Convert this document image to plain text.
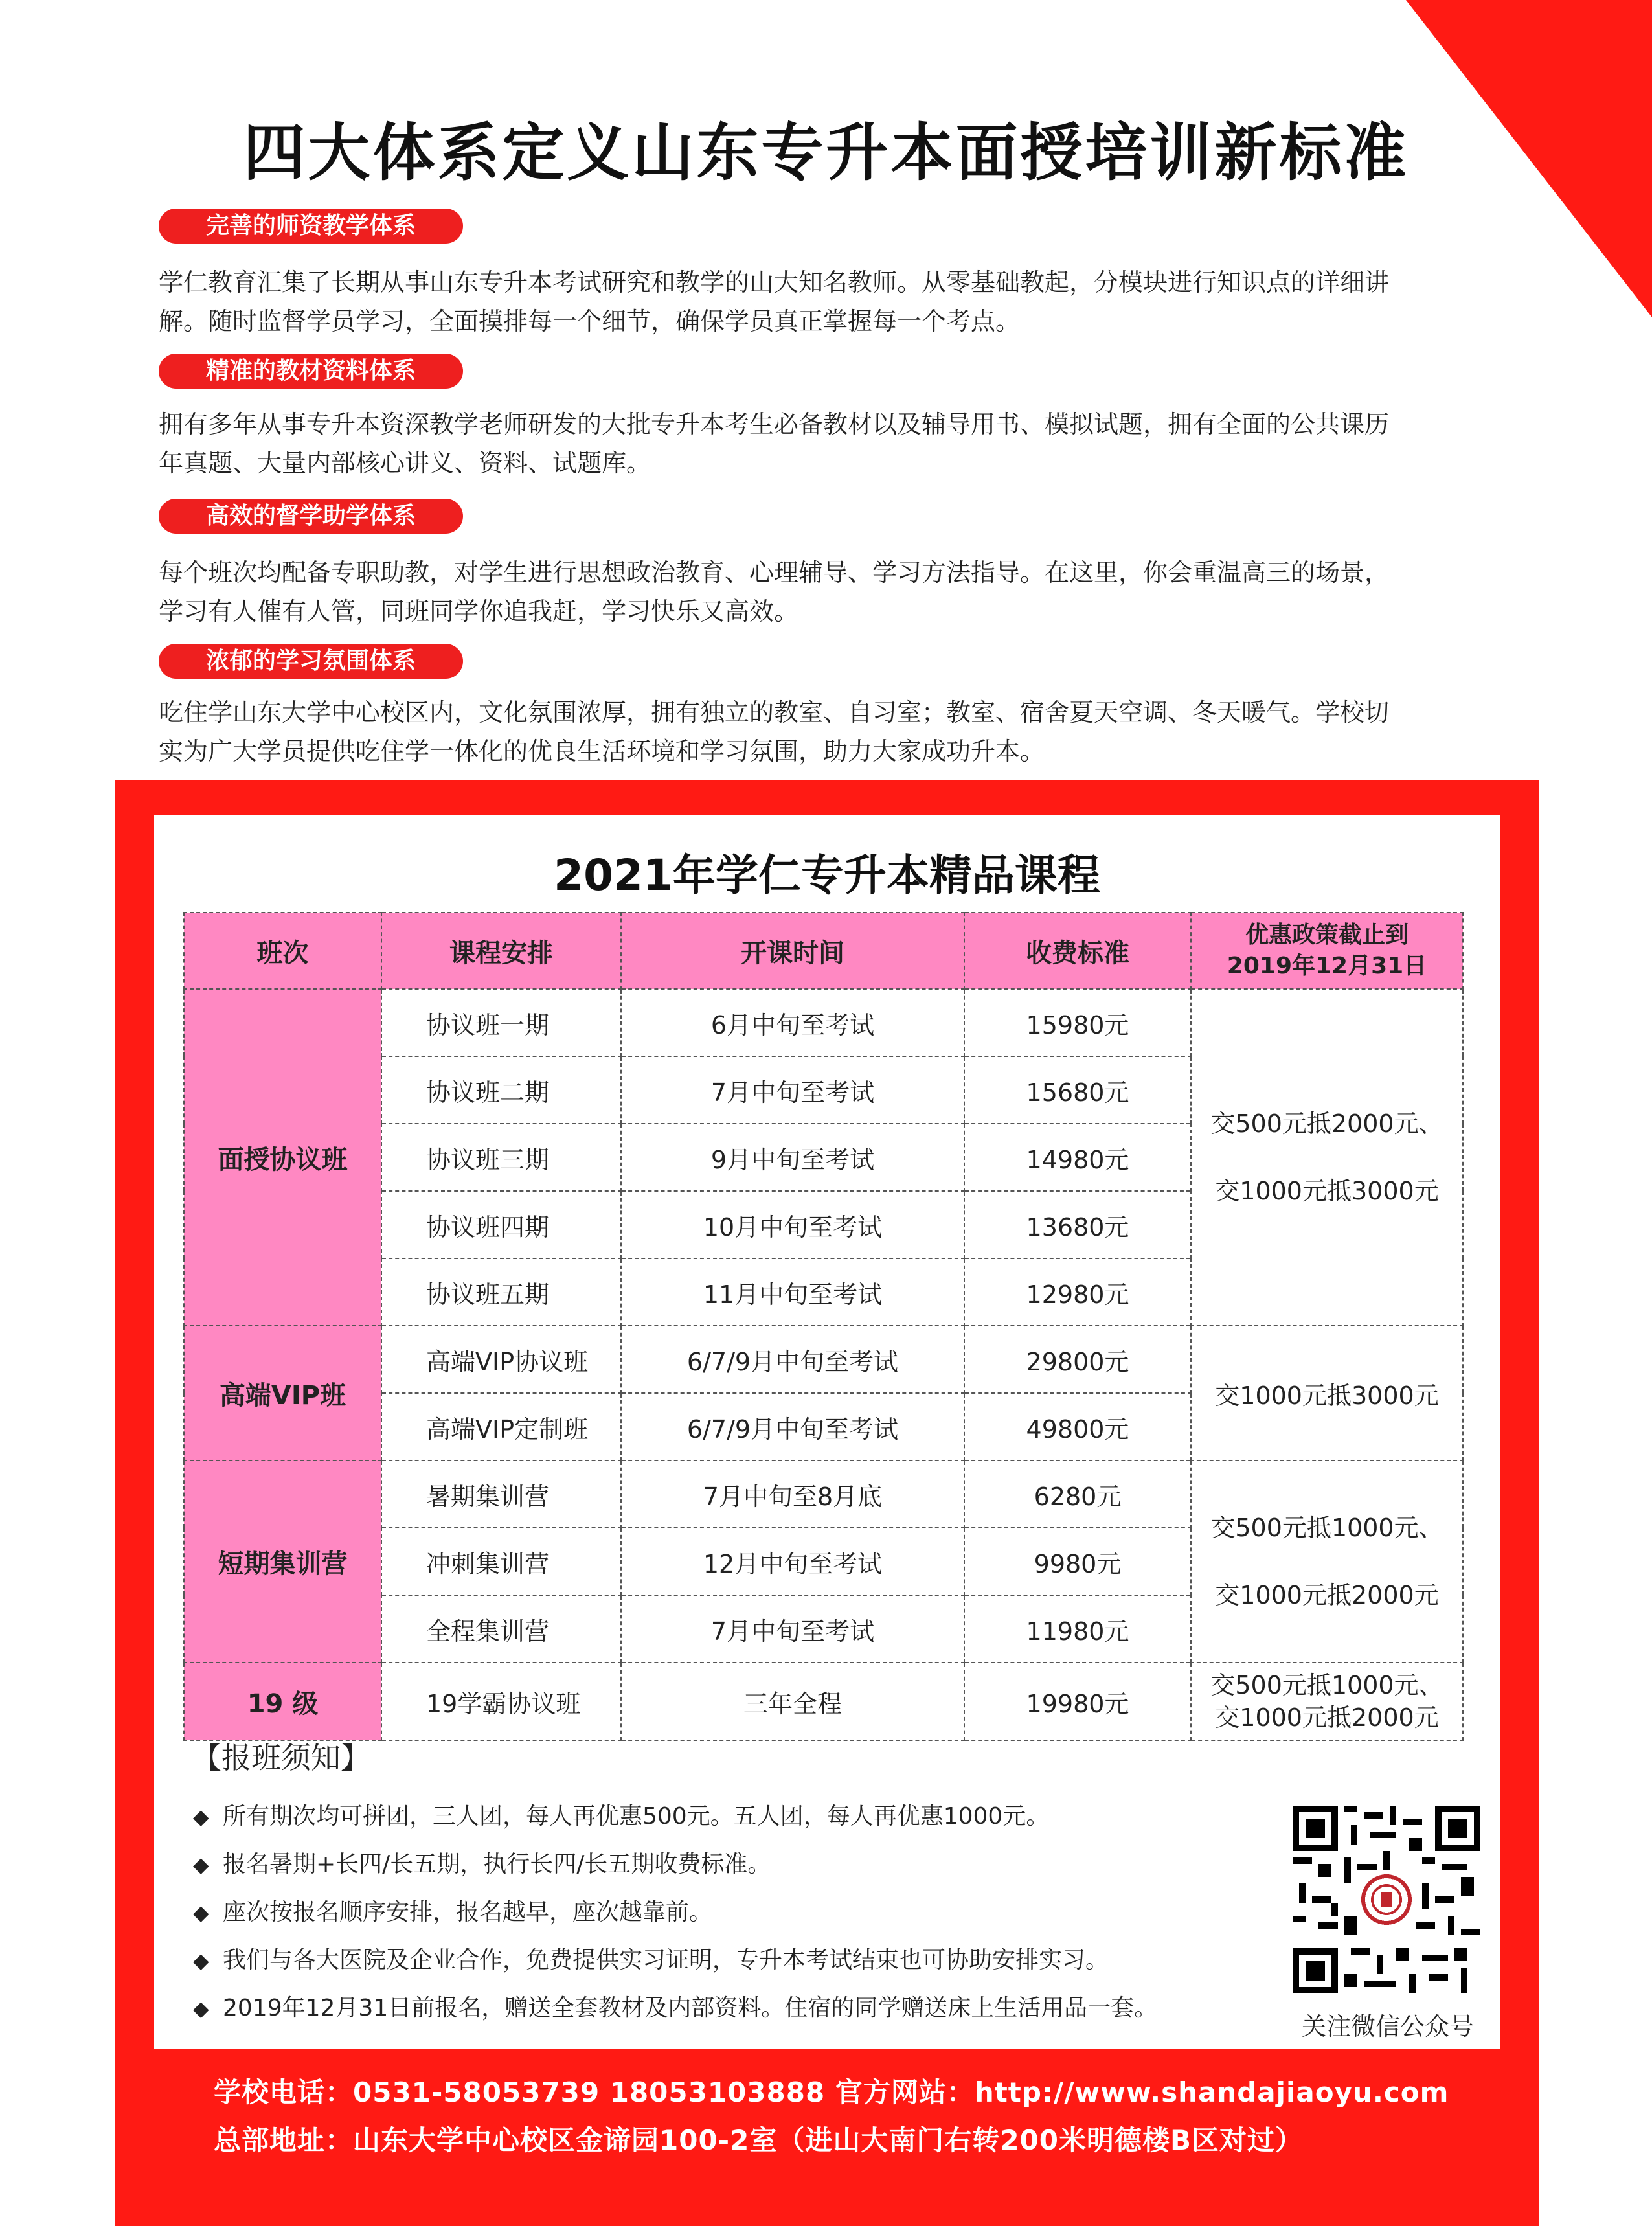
四大体系定义山东专升本面授培训新标准
完善的师资教学体系
学仁教育汇集了长期从事山东专升本考试研究和教学的山大知名教师。从零基础教起，分模块进行知识点的详细讲
解。随时监督学员学习，全面摸排每一个细节，确保学员真正掌握每一个考点。
精准的教材资料体系
拥有多年从事专升本资深教学老师研发的大批专升本考生必备教材以及辅导用书、模拟试题，拥有全面的公共课历
年真题、大量内部核心讲义、资料、试题库。
高效的督学助学体系
每个班次均配备专职助教，对学生进行思想政治教育、心理辅导、学习方法指导。在这里，你会重温高三的场景，
学习有人催有人管，同班同学你追我赶，学习快乐又高效。
浓郁的学习氛围体系
吃住学山东大学中心校区内，文化氛围浓厚，拥有独立的教室、自习室；教室、宿舍夏天空调、冬天暖气。学校切
实为广大学员提供吃住学一体化的优良生活环境和学习氛围，助力大家成功升本。
2021年学仁专升本精品课程
班次	课程安排	开课时间	收费标准	优惠政策截止到
2019年12月31日

面授协议班	协议班一期	6月中旬至考试	15980元	交500元抵2000元、
交1000元抵3000元

	协议班二期	7月中旬至考试	15680元	
	协议班三期	9月中旬至考试	14980元	
	协议班四期	10月中旬至考试	13680元	
	协议班五期	11月中旬至考试	12980元	
高端VIP班	高端VIP协议班	6/7/9月中旬至考试	29800元	交1000元抵3000元

	高端VIP定制班	6/7/9月中旬至考试	49800元	
短期集训营	暑期集训营	7月中旬至8月底	6280元	交500元抵1000元、
交1000元抵2000元

	冲刺集训营	12月中旬至考试	9980元	
	全程集训营	7月中旬至考试	11980元	
19 级	19学霸协议班	三年全程	19980元	交500元抵1000元、
交1000元抵2000元
【报班须知】
◆ 所有期次均可拼团，三人团，每人再优惠500元。五人团，每人再优惠1000元。
◆ 报名暑期+长四/长五期，执行长四/长五期收费标准。
◆ 座次按报名顺序安排，报名越早，座次越靠前。
◆ 我们与各大医院及企业合作，免费提供实习证明，专升本考试结束也可协助安排实习。
◆ 2019年12月31日前报名，赠送全套教材及内部资料。住宿的同学赠送床上生活用品一套。
关注微信公众号
学校电话：0531-58053739 18053103888 官方网站：http://www.shandajiaoyu.com
总部地址：山东大学中心校区金谛园100-2室（进山大南门右转200米明德楼B区对过）
